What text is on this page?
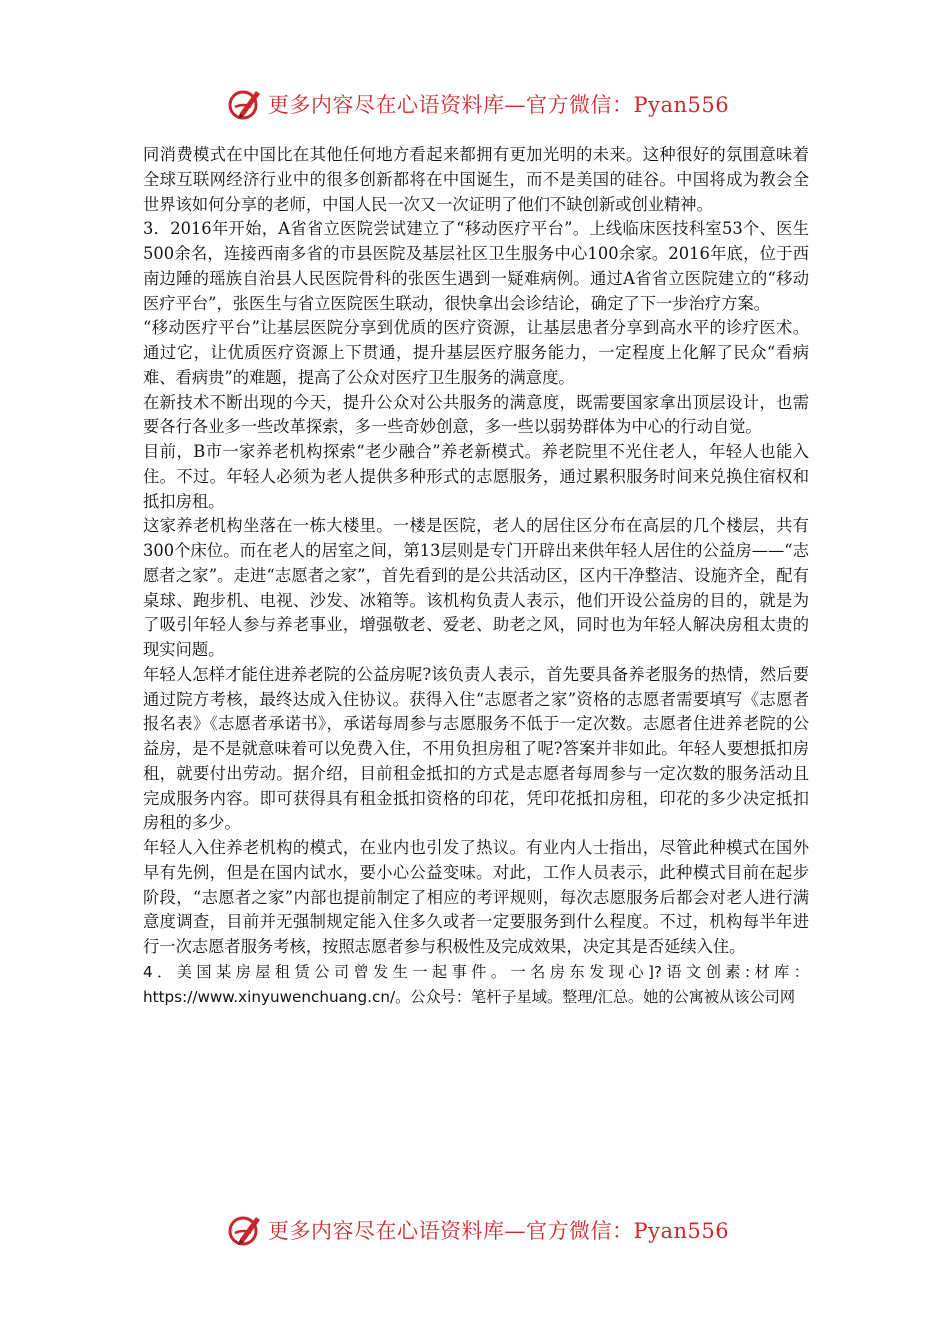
更多内容尽在心语资料库—官方微信：Pyan556

同消费模式在中国比在其他任何地方看起来都拥有更加光明的未来。这种很好的氛围意味着全球互联网经济行业中的很多创新都将在中国诞生，而不是美国的硅谷。中国将成为教会全世界该如何分享的老师，中国人民一次又一次证明了他们不缺创新或创业精神。

3．2016年开始，A省省立医院尝试建立了“移动医疗平台”。上线临床医技科室53个、医生500余名，连接西南多省的市县医院及基层社区卫生服务中心100余家。2016年底，位于西南边陲的瑶族自治县人民医院骨科的张医生遇到一疑难病例。通过A省省立医院建立的“移动医疗平台”，张医生与省立医院医生联动，很快拿出会诊结论，确定了下一步治疗方案。

“移动医疗平台”让基层医院分享到优质的医疗资源，让基层患者分享到高水平的诊疗医术。通过它，让优质医疗资源上下贯通，提升基层医疗服务能力，一定程度上化解了民众“看病难、看病贵”的难题，提高了公众对医疗卫生服务的满意度。

在新技术不断出现的今天，提升公众对公共服务的满意度，既需要国家拿出顶层设计，也需要各行各业多一些改革探索，多一些奇妙创意，多一些以弱势群体为中心的行动自觉。

目前，B市一家养老机构探索“老少融合”养老新模式。养老院里不光住老人，年轻人也能入住。不过。年轻人必须为老人提供多种形式的志愿服务，通过累积服务时间来兑换住宿权和抵扣房租。

这家养老机构坐落在一栋大楼里。一楼是医院，老人的居住区分布在高层的几个楼层，共有300个床位。而在老人的居室之间，第13层则是专门开辟出来供年轻人居住的公益房——“志愿者之家”。走进“志愿者之家”，首先看到的是公共活动区，区内干净整洁、设施齐全，配有桌球、跑步机、电视、沙发、冰箱等。该机构负责人表示，他们开设公益房的目的，就是为了吸引年轻人参与养老事业，增强敬老、爱老、助老之风，同时也为年轻人解决房租太贵的现实问题。

年轻人怎样才能住进养老院的公益房呢?该负责人表示，首先要具备养老服务的热情，然后要通过院方考核，最终达成入住协议。获得入住“志愿者之家”资格的志愿者需要填写《志愿者报名表》《志愿者承诺书》，承诺每周参与志愿服务不低于一定次数。志愿者住进养老院的公益房，是不是就意味着可以免费入住，不用负担房租了呢?答案并非如此。年轻人要想抵扣房租，就要付出劳动。据介绍，目前租金抵扣的方式是志愿者每周参与一定次数的服务活动且完成服务内容。即可获得具有租金抵扣资格的印花，凭印花抵扣房租，印花的多少决定抵扣房租的多少。

年轻人入住养老机构的模式，在业内也引发了热议。有业内人士指出，尽管此种模式在国外早有先例，但是在国内试水，要小心公益变味。对此，工作人员表示，此种模式目前在起步阶段，“志愿者之家”内部也提前制定了相应的考评规则，每次志愿服务后都会对老人进行满意度调查，目前并无强制规定能入住多久或者一定要服务到什么程度。不过，机构每半年进行一次志愿者服务考核，按照志愿者参与积极性及完成效果，决定其是否延续入住。

4．美国某房屋租赁公司曾发生一起事件。一名房东发现心]?语文创素:材库：https://www.xinyuwenchuang.cn/。公众号：笔杆子星域。整理/汇总。她的公寓被从该公司网

更多内容尽在心语资料库—官方微信：Pyan556
